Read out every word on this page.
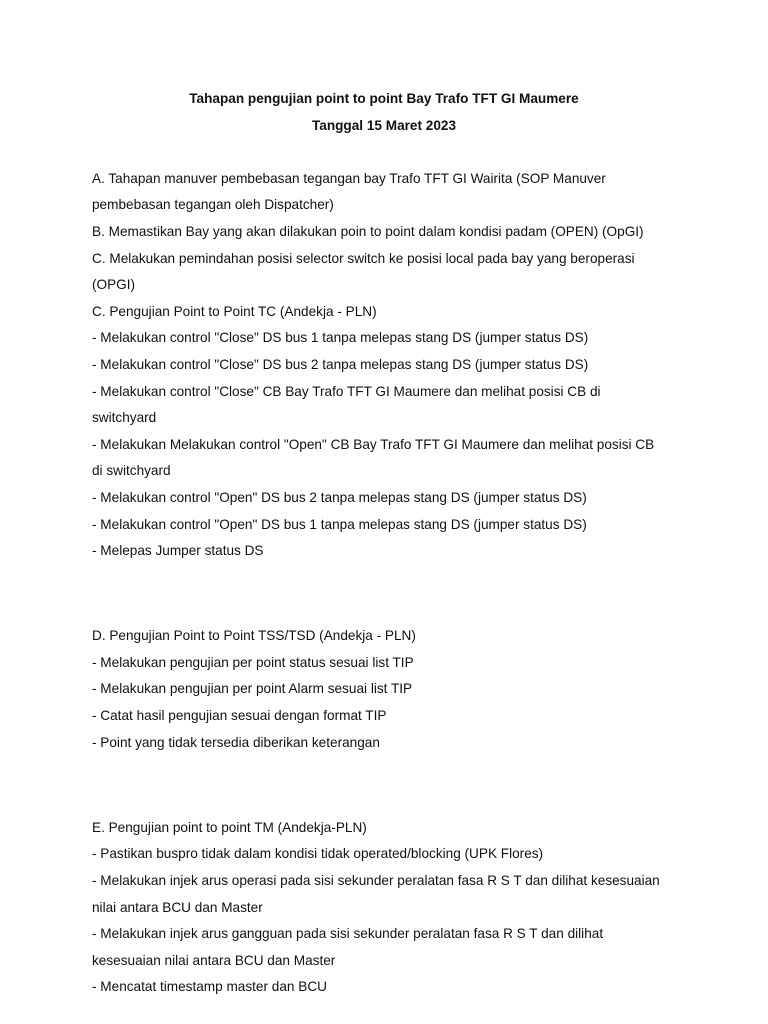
Tahapan pengujian point to point Bay Trafo TFT GI Maumere

Tanggal 15 Maret 2023

A. Tahapan manuver pembebasan tegangan bay Trafo TFT GI Wairita (SOP Manuver

pembebasan tegangan oleh Dispatcher)

B. Memastikan Bay yang akan dilakukan poin to point dalam kondisi padam (OPEN) (OpGI)

C. Melakukan pemindahan posisi selector switch ke posisi local pada bay yang beroperasi

(OPGI)

C. Pengujian Point to Point TC (Andekja - PLN)

- Melakukan control "Close" DS bus 1 tanpa melepas stang DS (jumper status DS)

- Melakukan control "Close" DS bus 2 tanpa melepas stang DS (jumper status DS)

- Melakukan control "Close" CB Bay Trafo TFT GI Maumere dan melihat posisi CB di

switchyard

- Melakukan Melakukan control "Open" CB Bay Trafo TFT GI Maumere dan melihat posisi CB

di switchyard

- Melakukan control "Open" DS bus 2 tanpa melepas stang DS (jumper status DS)

- Melakukan control "Open" DS bus 1 tanpa melepas stang DS (jumper status DS)

- Melepas Jumper status DS

D. Pengujian Point to Point TSS/TSD (Andekja - PLN)

- Melakukan pengujian per point status sesuai list TIP

- Melakukan pengujian per point Alarm sesuai list TIP

- Catat hasil pengujian sesuai dengan format TIP

- Point yang tidak tersedia diberikan keterangan

E. Pengujian point to point TM (Andekja-PLN)

- Pastikan buspro tidak dalam kondisi tidak operated/blocking (UPK Flores)

- Melakukan injek arus operasi pada sisi sekunder peralatan fasa R S T dan dilihat kesesuaian

nilai antara BCU dan Master

- Melakukan injek arus gangguan pada sisi sekunder peralatan fasa R S T dan dilihat

kesesuaian nilai antara BCU dan Master

- Mencatat timestamp master dan BCU
